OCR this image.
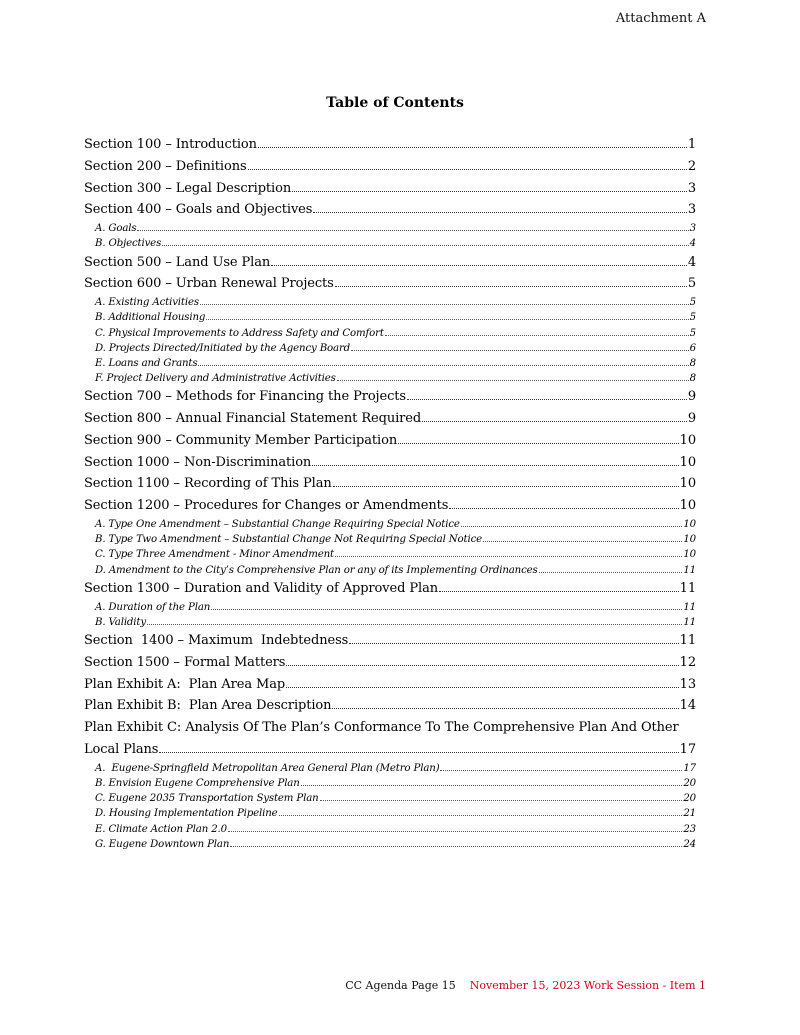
Attachment A
Table of Contents
Section 100 – Introduction	1
Section 200 – Definitions	2
Section 300 – Legal Description	3
Section 400 – Goals and Objectives	3
A. Goals	3
B. Objectives	4
Section 500 – Land Use Plan	4
Section 600 – Urban Renewal Projects	5
A. Existing Activities	5
B. Additional Housing	5
C. Physical Improvements to Address Safety and Comfort	5
D. Projects Directed/Initiated by the Agency Board	6
E. Loans and Grants	8
F. Project Delivery and Administrative Activities	8
Section 700 – Methods for Financing the Projects	9
Section 800 – Annual Financial Statement Required	9
Section 900 – Community Member Participation	10
Section 1000 – Non-Discrimination	10
Section 1100 – Recording of This Plan	10
Section 1200 – Procedures for Changes or Amendments	10
A. Type One Amendment – Substantial Change Requiring Special Notice	10
B. Type Two Amendment – Substantial Change Not Requiring Special Notice	10
C. Type Three Amendment - Minor Amendment	10
D. Amendment to the City’s Comprehensive Plan or any of its Implementing Ordinances	11
Section 1300 – Duration and Validity of Approved Plan	11
A. Duration of the Plan	11
B. Validity	11
Section  1400 – Maximum  Indebtedness	11
Section 1500 – Formal Matters	12
Plan Exhibit A:  Plan Area Map	13
Plan Exhibit B:  Plan Area Description	14
Plan Exhibit C: Analysis Of The Plan’s Conformance To The Comprehensive Plan And Other
Local Plans	17
A.  Eugene-Springfield Metropolitan Area General Plan (Metro Plan)	17
B. Envision Eugene Comprehensive Plan	20
C. Eugene 2035 Transportation System Plan	20
D. Housing Implementation Pipeline	21
E. Climate Action Plan 2.0	23
G. Eugene Downtown Plan	24
CC Agenda Page 15 November 15, 2023 Work Session - Item 1
